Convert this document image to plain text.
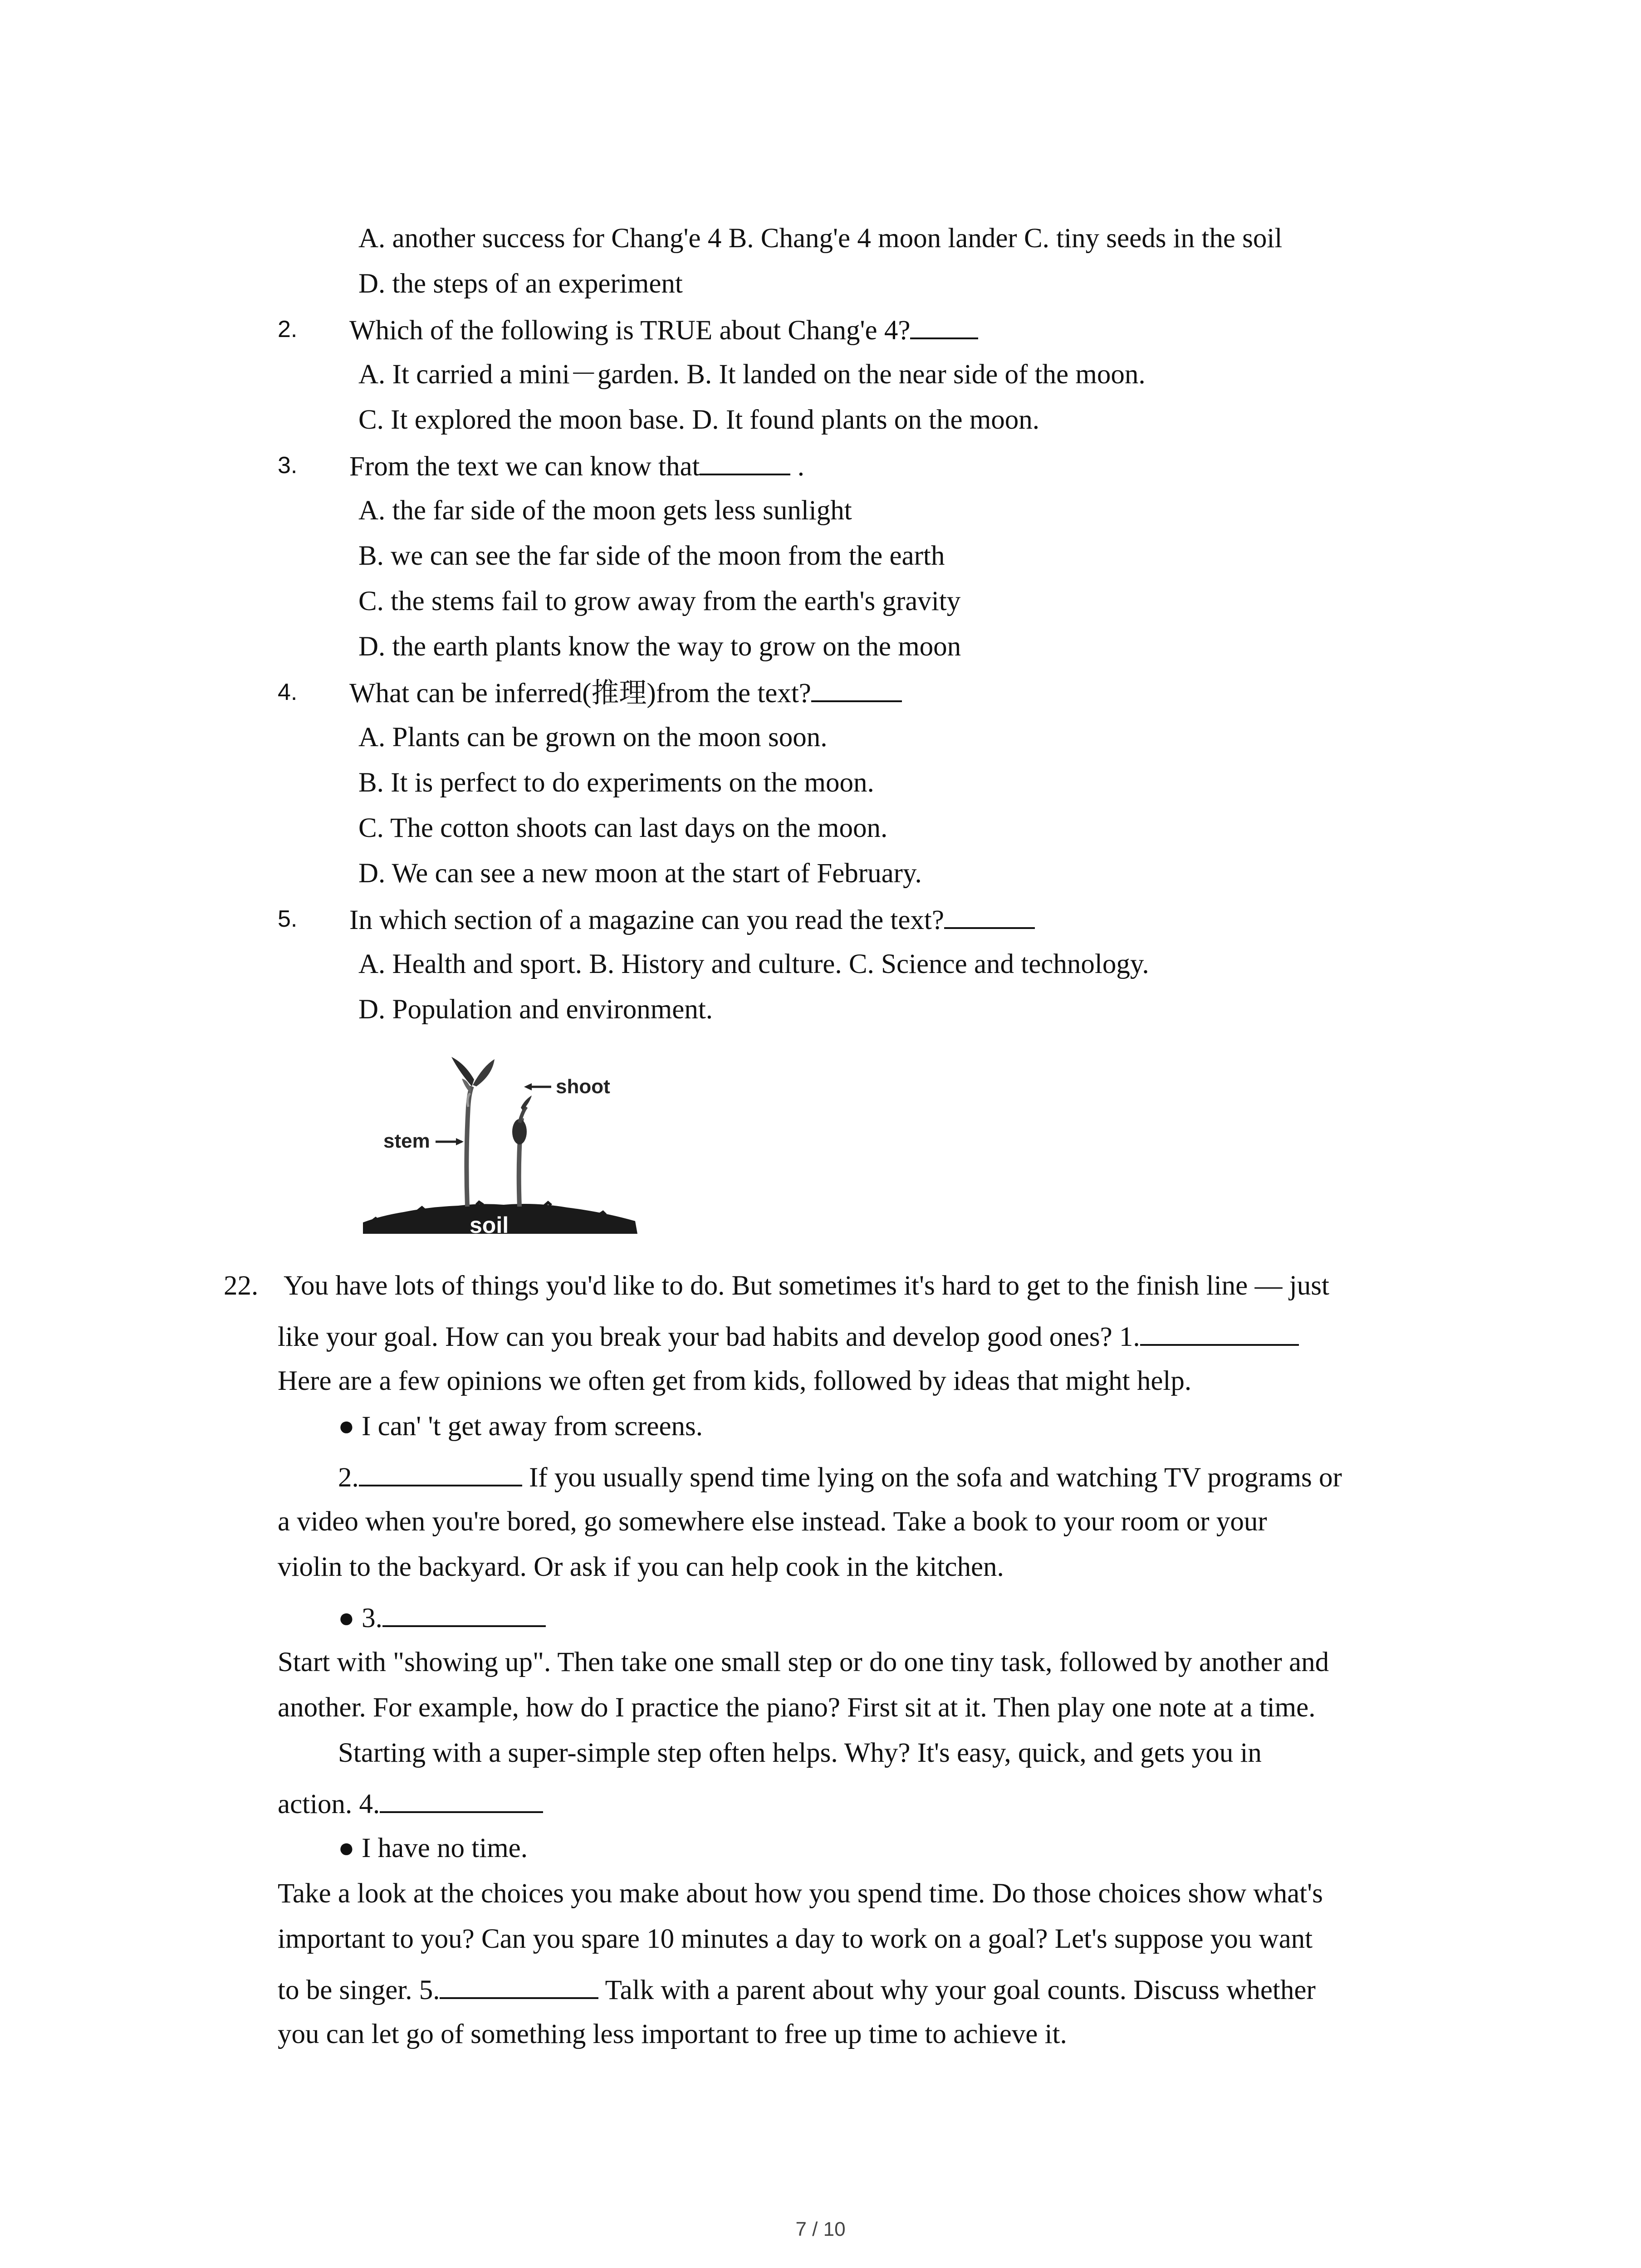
A. another success for Chang'e 4 B. Chang'e 4 moon lander C. tiny seeds in the soil
D. the steps of an experiment
2. Which of the following is TRUE about Chang'e 4?
A. It carried a mini－garden. B. It landed on the near side of the moon.
C. It explored the moon base. D. It found plants on the moon.
3. From the text we can know that	.
A. the far side of the moon gets less sunlight
B. we can see the far side of the moon from the earth
C. the stems fail to grow away from the earth's gravity
D. the earth plants know the way to grow on the moon
4. What can be inferred(推理)from the text?
A. Plants can be grown on the moon soon.
B. It is perfect to do experiments on the moon.
C. The cotton shoots can last days on the moon.
D. We can see a new moon at the start of February.
5. In which section of a magazine can you read the text?
A. Health and sport. B. History and culture. C. Science and technology.
D. Population and environment.
shoot
stem
soil
22. You have lots of things you'd like to do. But sometimes it's hard to get to the finish line — just
like your goal. How can you break your bad habits and develop good ones? 1.
Here are a few opinions we often get from kids, followed by ideas that might help.
● I can' 't get away from screens.
2.	If you usually spend time lying on the sofa and watching TV programs or
a video when you're bored, go somewhere else instead. Take a book to your room or your
violin to the backyard. Or ask if you can help cook in the kitchen.
● 3.
Start with "showing up". Then take one small step or do one tiny task, followed by another and
another. For example, how do I practice the piano? First sit at it. Then play one note at a time.
Starting with a super-simple step often helps. Why? It's easy, quick, and gets you in
action. 4.
● I have no time.
Take a look at the choices you make about how you spend time. Do those choices show what's
important to you? Can you spare 10 minutes a day to work on a goal? Let's suppose you want
to be singer. 5.	Talk with a parent about why your goal counts. Discuss whether
you can let go of something less important to free up time to achieve it.
7 / 10
